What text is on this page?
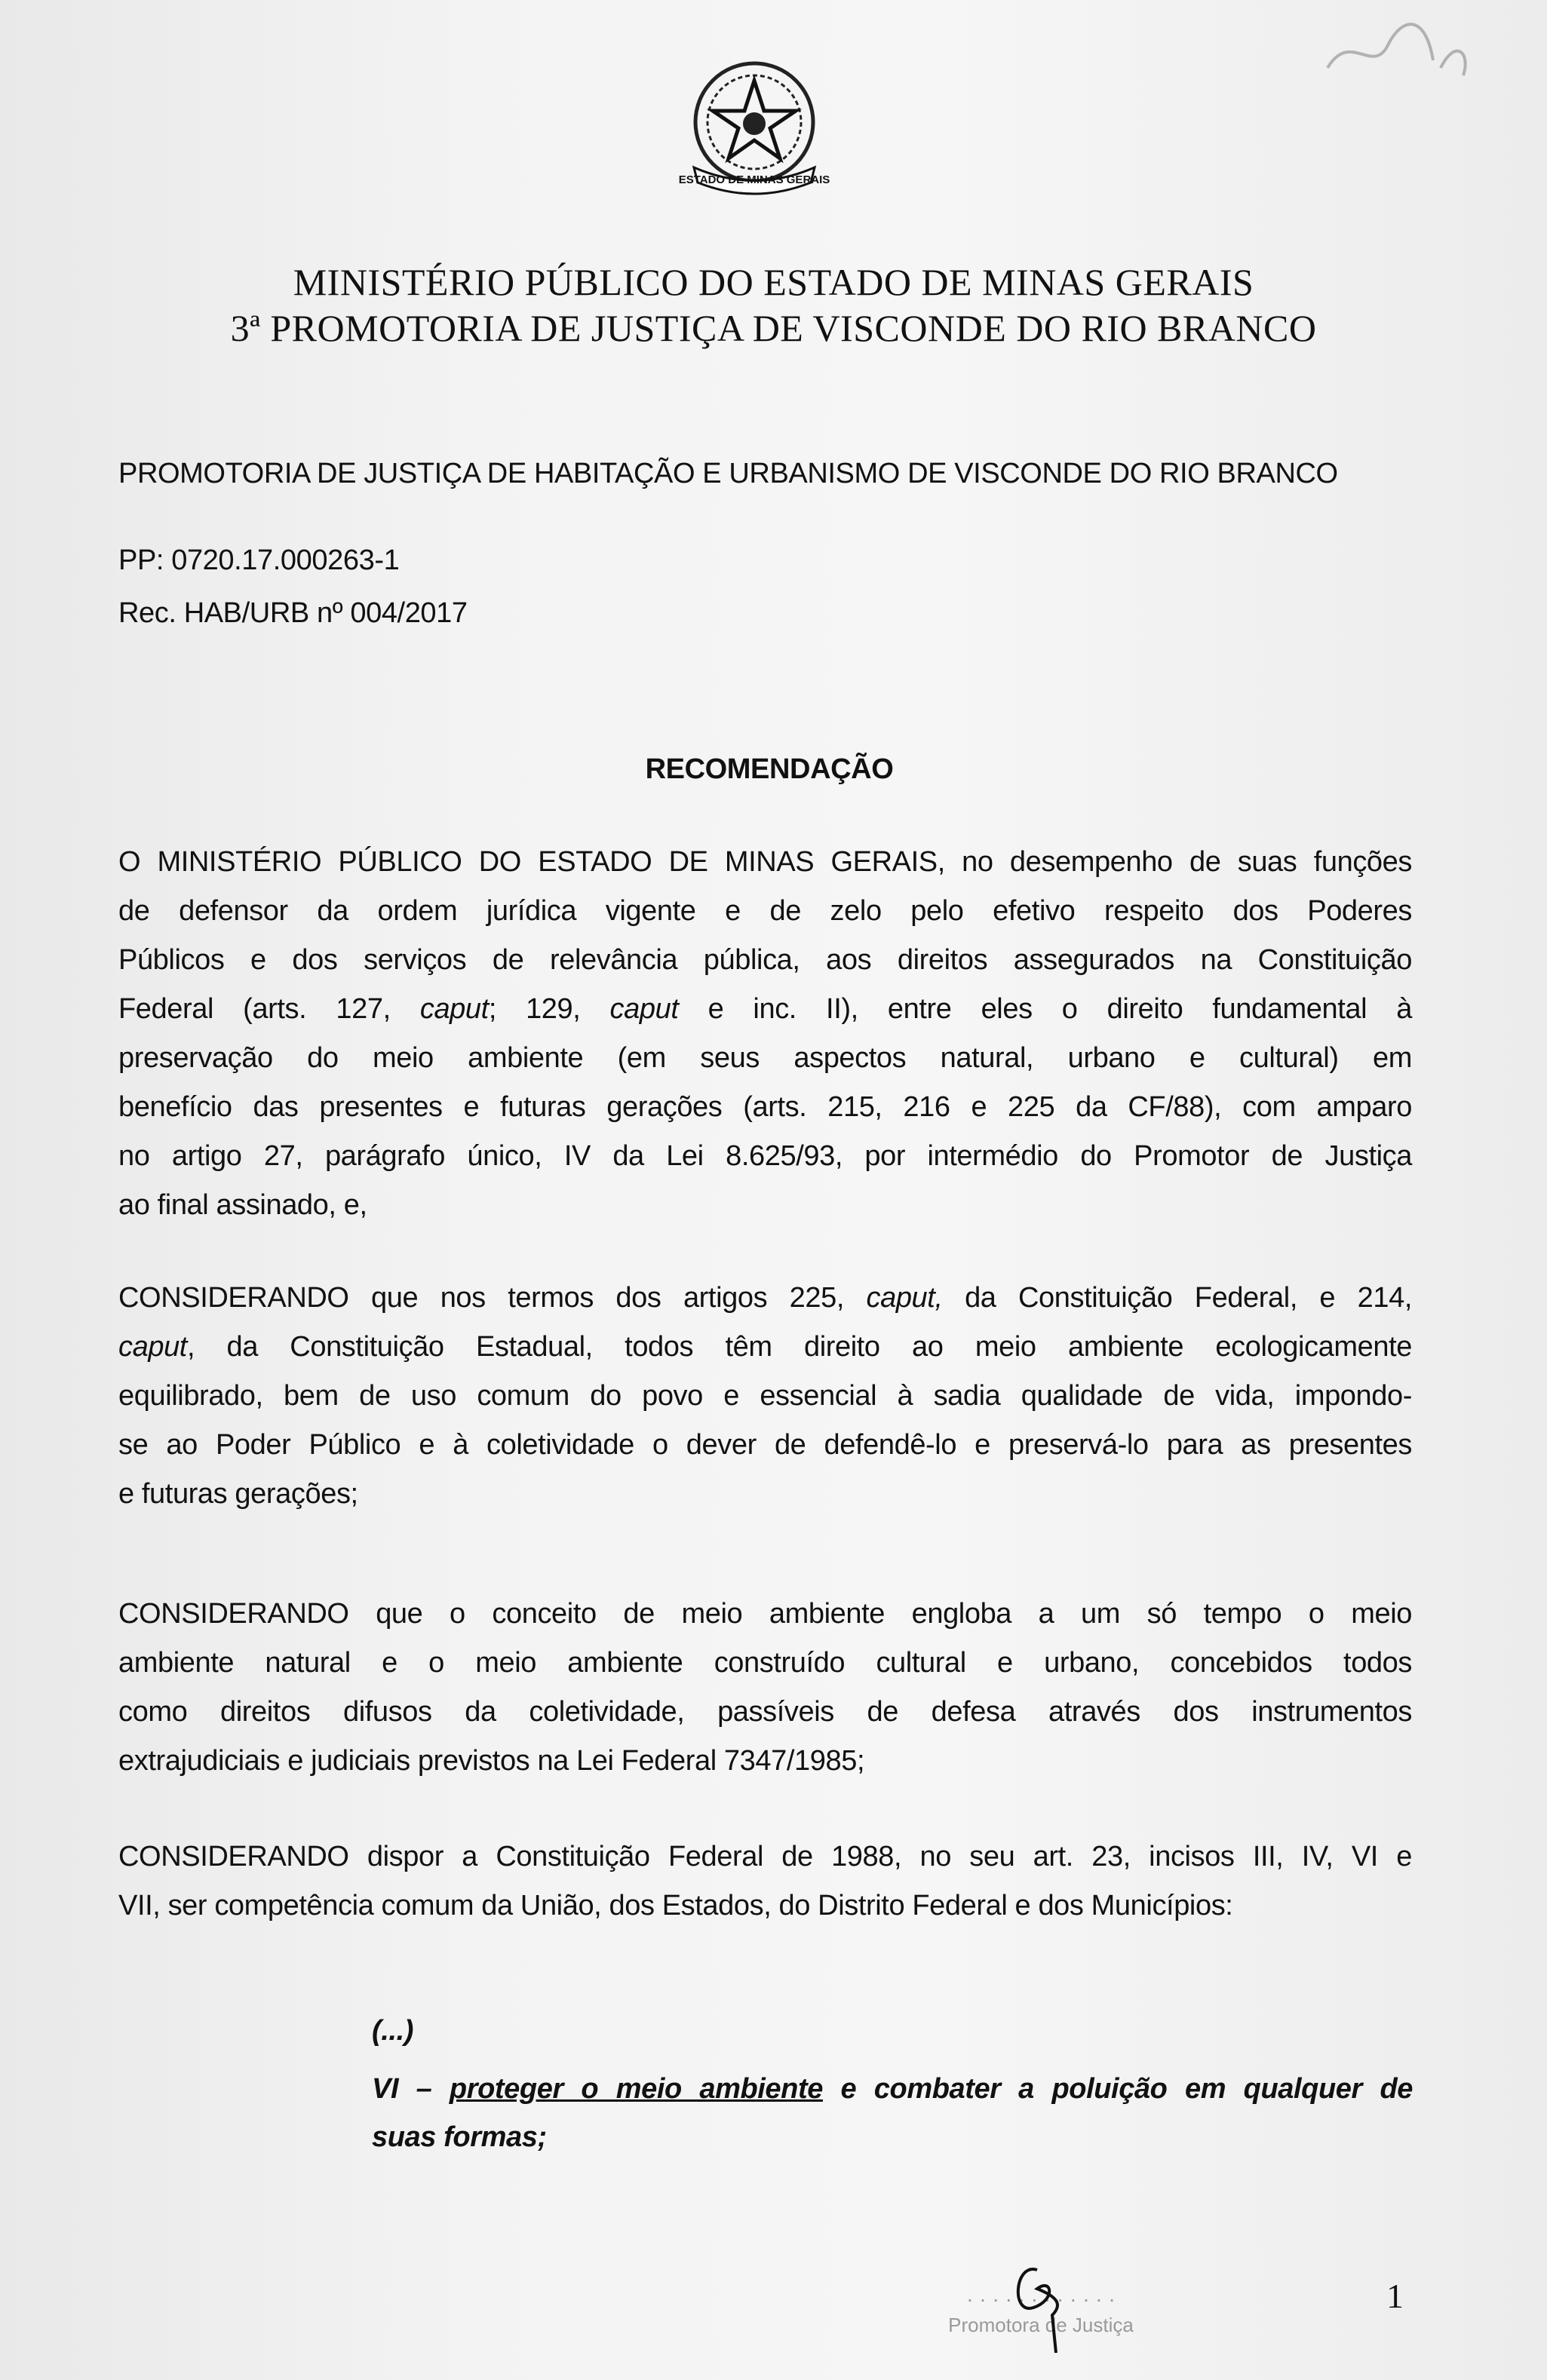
ESTADO DE MINAS GERAIS
MINISTÉRIO PÚBLICO DO ESTADO DE MINAS GERAIS
3ª PROMOTORIA DE JUSTIÇA DE VISCONDE DO RIO BRANCO
PROMOTORIA DE JUSTIÇA DE HABITAÇÃO E URBANISMO DE VISCONDE DO RIO BRANCO
PP: 0720.17.000263-1
Rec. HAB/URB nº 004/2017
RECOMENDAÇÃO
O MINISTÉRIO PÚBLICO DO ESTADO DE MINAS GERAIS, no desempenho de suas funções
de defensor da ordem jurídica vigente e de zelo pelo efetivo respeito dos Poderes
Públicos e dos serviços de relevância pública, aos direitos assegurados na Constituição
Federal (arts. 127, caput; 129, caput e inc. II), entre eles o direito fundamental à
preservação do meio ambiente (em seus aspectos natural, urbano e cultural) em
benefício das presentes e futuras gerações (arts. 215, 216 e 225 da CF/88), com amparo
no artigo 27, parágrafo único, IV da Lei 8.625/93, por intermédio do Promotor de Justiça
ao final assinado, e,
CONSIDERANDO que nos termos dos artigos 225, caput, da Constituição Federal, e 214,
caput, da Constituição Estadual, todos têm direito ao meio ambiente ecologicamente
equilibrado, bem de uso comum do povo e essencial à sadia qualidade de vida, impondo-
se ao Poder Público e à coletividade o dever de defendê-lo e preservá-lo para as presentes
e futuras gerações;
CONSIDERANDO que o conceito de meio ambiente engloba a um só tempo o meio
ambiente natural e o meio ambiente construído cultural e urbano, concebidos todos
como direitos difusos da coletividade, passíveis de defesa através dos instrumentos
extrajudiciais e judiciais previstos na Lei Federal 7347/1985;
CONSIDERANDO dispor a Constituição Federal de 1988, no seu art. 23, incisos III, IV, VI e
VII, ser competência comum da União, dos Estados, do Distrito Federal e dos Municípios:
(...)
VI – proteger o meio ambiente e combater a poluição em qualquer de
suas formas;
· · · · · · · · · · · ·
Promotora de Justiça
1
